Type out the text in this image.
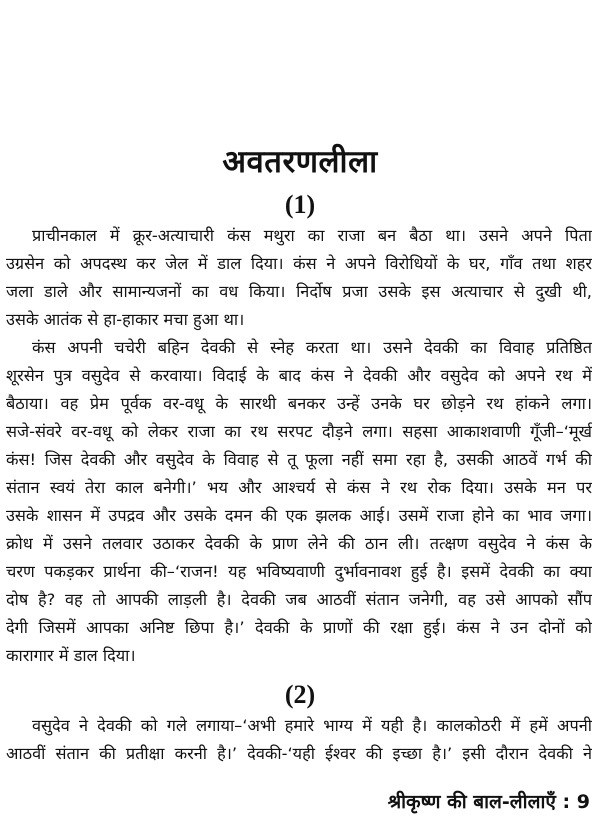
अवतरणलीला
(1)
प्राचीनकाल में क्रूर-अत्याचारी कंस मथुरा का राजा बन बैठा था। उसने अपने पिता
उग्रसेन को अपदस्थ कर जेल में डाल दिया। कंस ने अपने विरोधियों के घर, गाँव तथा शहर
जला डाले और सामान्यजनों का वध किया। निर्दोष प्रजा उसके इस अत्याचार से दुखी थी,
उसके आतंक से हा-हाकार मचा हुआ था।
कंस अपनी चचेरी बहिन देवकी से स्नेह करता था। उसने देवकी का विवाह प्रतिष्ठित
शूरसेन पुत्र वसुदेव से करवाया। विदाई के बाद कंस ने देवकी और वसुदेव को अपने रथ में
बैठाया। वह प्रेम पूर्वक वर-वधू के सारथी बनकर उन्हें उनके घर छोड़ने रथ हांकने लगा।
सजे-संवरे वर-वधू को लेकर राजा का रथ सरपट दौड़ने लगा। सहसा आकाशवाणी गूँजी–‘मूर्ख
कंस! जिस देवकी और वसुदेव के विवाह से तू फूला नहीं समा रहा है, उसकी आठवें गर्भ की
संतान स्वयं तेरा काल बनेगी।’ भय और आश्चर्य से कंस ने रथ रोक दिया। उसके मन पर
उसके शासन में उपद्रव और उसके दमन की एक झलक आई। उसमें राजा होने का भाव जगा।
क्रोध में उसने तलवार उठाकर देवकी के प्राण लेने की ठान ली। तत्क्षण वसुदेव ने कंस के
चरण पकड़कर प्रार्थना की–‘राजन! यह भविष्यवाणी दुर्भावनावश हुई है। इसमें देवकी का क्या
दोष है? वह तो आपकी लाड़ली है। देवकी जब आठवीं संतान जनेगी, वह उसे आपको सौंप
देगी जिसमें आपका अनिष्ट छिपा है।’ देवकी के प्राणों की रक्षा हुई। कंस ने उन दोनों को
कारागार में डाल दिया।
(2)
वसुदेव ने देवकी को गले लगाया–‘अभी हमारे भाग्य में यही है। कालकोठरी में हमें अपनी
आठवीं संतान की प्रतीक्षा करनी है।’ देवकी-‘यही ईश्वर की इच्छा है।’ इसी दौरान देवकी ने
श्रीकृष्ण की बाल-लीलाएँ : 9
